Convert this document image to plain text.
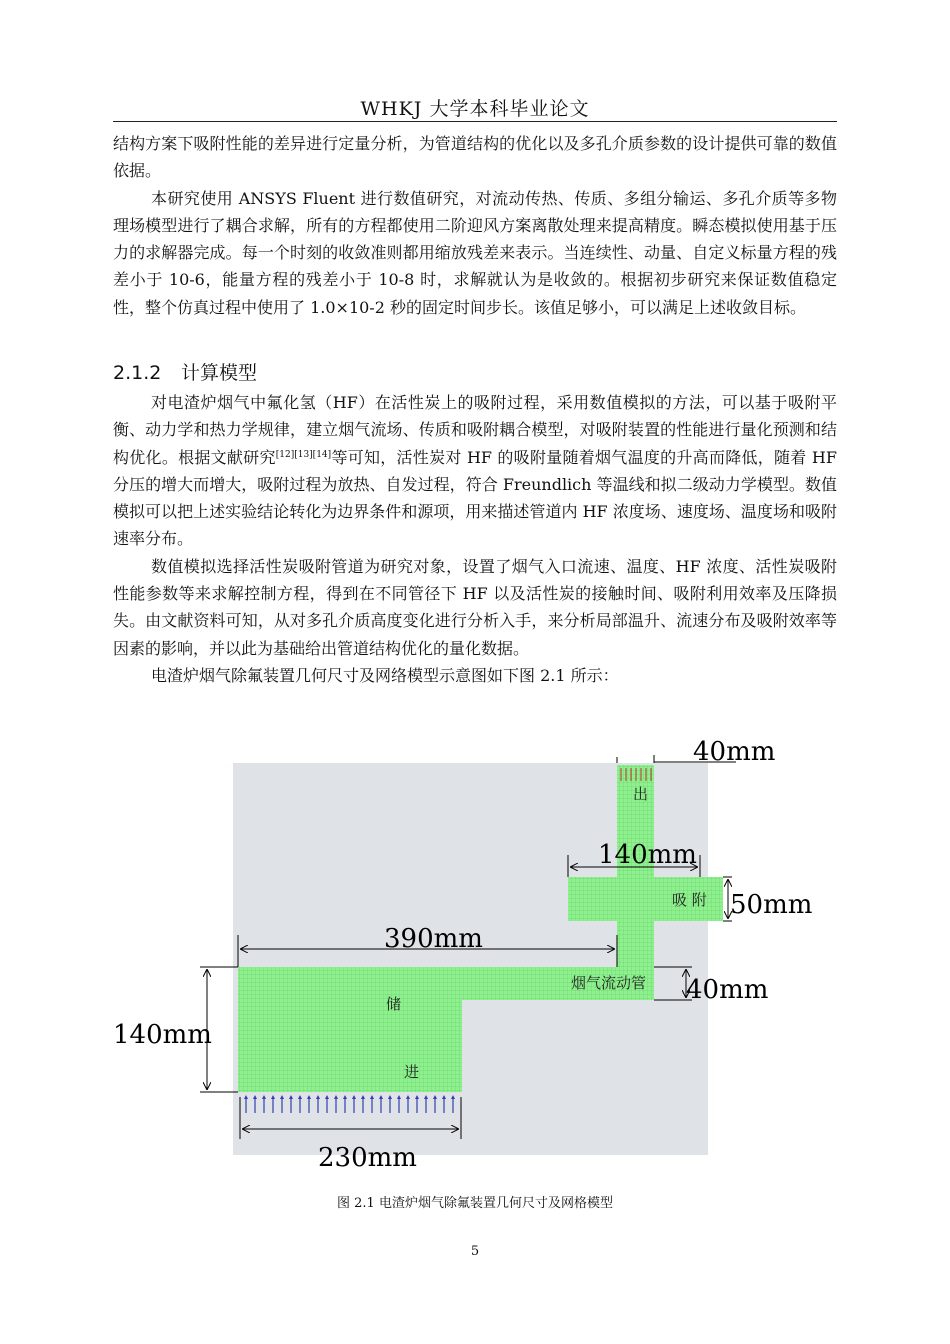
WHKJ 大学本科毕业论文

结构方案下吸附性能的差异进行定量分析，为管道结构的优化以及多孔介质参数的设计提供可靠的数值依据。

本研究使用 ANSYS Fluent 进行数值研究，对流动传热、传质、多组分输运、多孔介质等多物理场模型进行了耦合求解，所有的方程都使用二阶迎风方案离散处理来提高精度。瞬态模拟使用基于压力的求解器完成。每一个时刻的收敛准则都用缩放残差来表示。当连续性、动量、自定义标量方程的残差小于 10-6，能量方程的残差小于 10-8 时，求解就认为是收敛的。根据初步研究来保证数值稳定性，整个仿真过程中使用了 1.0×10-2 秒的固定时间步长。该值足够小，可以满足上述收敛目标。

2.1.2 计算模型

对电渣炉烟气中氟化氢（HF）在活性炭上的吸附过程，采用数值模拟的方法，可以基于吸附平衡、动力学和热力学规律，建立烟气流场、传质和吸附耦合模型，对吸附装置的性能进行量化预测和结构优化。根据文献研究[12][13][14]等可知，活性炭对 HF 的吸附量随着烟气温度的升高而降低，随着 HF 分压的增大而增大，吸附过程为放热、自发过程，符合 Freundlich 等温线和拟二级动力学模型。数值模拟可以把上述实验结论转化为边界条件和源项，用来描述管道内 HF 浓度场、速度场、温度场和吸附速率分布。

数值模拟选择活性炭吸附管道为研究对象，设置了烟气入口流速、温度、HF 浓度、活性炭吸附性能参数等来求解控制方程，得到在不同管径下 HF 以及活性炭的接触时间、吸附利用效率及压降损失。由文献资料可知，从对多孔介质高度变化进行分析入手，来分析局部温升、流速分布及吸附效率等因素的影响，并以此为基础给出管道结构优化的量化数据。

电渣炉烟气除氟装置几何尺寸及网络模型示意图如下图 2.1 所示：

40mm
140mm
50mm
390mm
40mm
140mm
230mm
出
吸 附
烟气流动管
储
进
图 2.1 电渣炉烟气除氟装置几何尺寸及网格模型
5
